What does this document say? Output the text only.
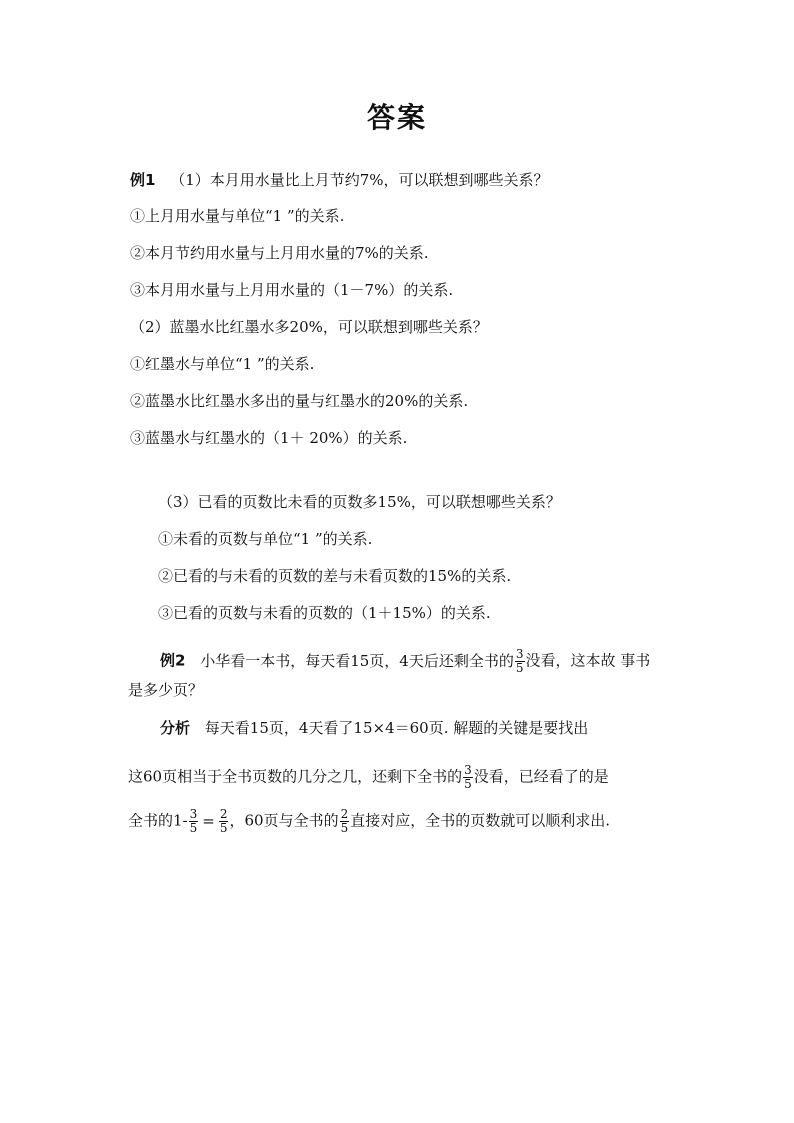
答案
例1 （1）本月用水量比上月节约7%，可以联想到哪些关系？
①上月用水量与单位“1 ”的关系.
②本月节约用水量与上月用水量的7%的关系.
③本月用水量与上月用水量的（1－7%）的关系.
（2）蓝墨水比红墨水多20%，可以联想到哪些关系？
①红墨水与单位“1 ”的关系.
②蓝墨水比红墨水多出的量与红墨水的20%的关系.
③蓝墨水与红墨水的（1＋ 20%）的关系.
（3）已看的页数比未看的页数多15%，可以联想哪些关系？
①未看的页数与单位“1 ”的关系.
②已看的与未看的页数的差与未看页数的15%的关系.
③已看的页数与未看的页数的（1＋15%）的关系.
例2 小华看一本书，每天看15页，4天后还剩全书的 $\frac{3}{5}$ 没看，这本故 事书
是多少页？
分析 每天看15页，4天看了15×4＝60页. 解题的关键是要找出
这60页相当于全书页数的几分之几，还剩下全书的 $\frac{3}{5}$ 没看，已经看了的是
全书的$1- \frac{3}{5} = \frac{2}{5}$ ，60页与全书的 $\frac{2}{5}$ 直接对应，全书的页数就可以顺利求出.
